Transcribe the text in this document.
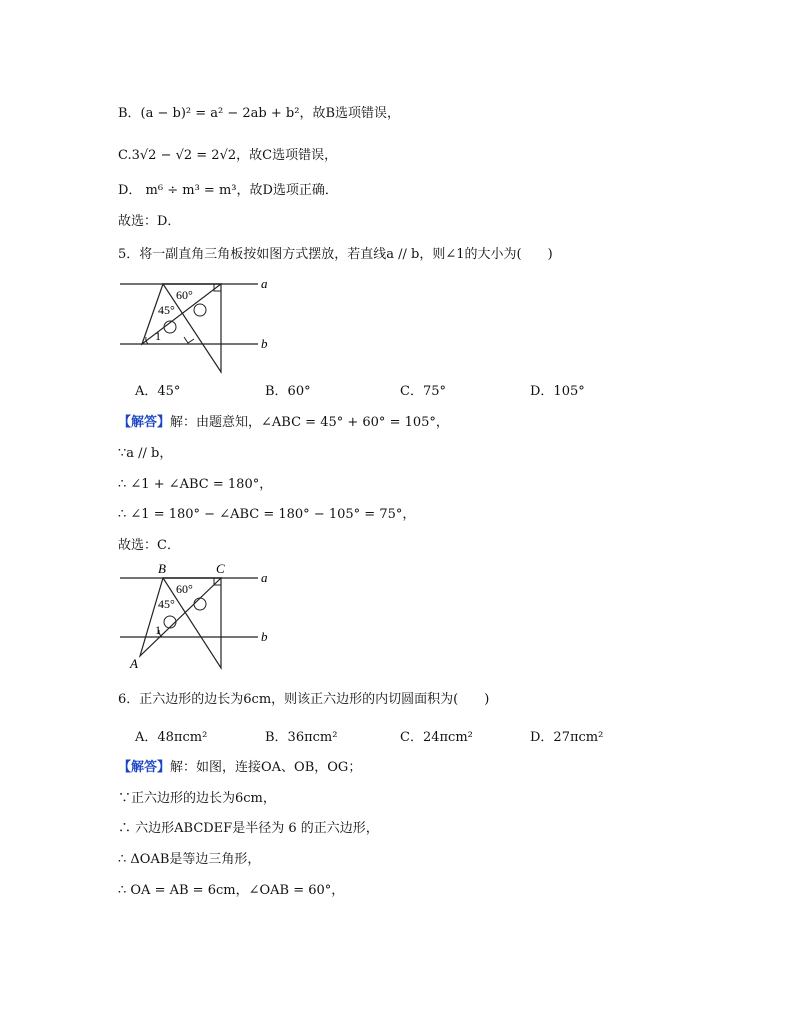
B．(a − b)² = a² − 2ab + b²，故B选项错误，
C.3√2 − √2 = 2√2，故C选项错误，
D． m⁶ ÷ m³ = m³，故D选项正确．
故选：D．
5．将一副直角三角板按如图方式摆放，若直线a // b，则∠1的大小为(　　)
a
b
60°
45°
1
A．45°	B．60°	C．75°	D．105°
【解答】解：由题意知，∠ABC = 45° + 60° = 105°，
∵a // b，
∴ ∠1 + ∠ABC = 180°，
∴ ∠1 = 180° − ∠ABC = 180° − 105° = 75°，
故选：C．
B	C
a
b
60°
45°
1
A
6．正六边形的边长为6cm，则该正六边形的内切圆面积为(　　)
A．48πcm²	B．36πcm²	C．24πcm²	D．27πcm²
【解答】解：如图，连接OA、OB，OG；
∵正六边形的边长为6cm，
∴ 六边形ABCDEF是半径为 6 的正六边形，
∴ ΔOAB是等边三角形，
∴ OA = AB = 6cm，∠OAB = 60°，
